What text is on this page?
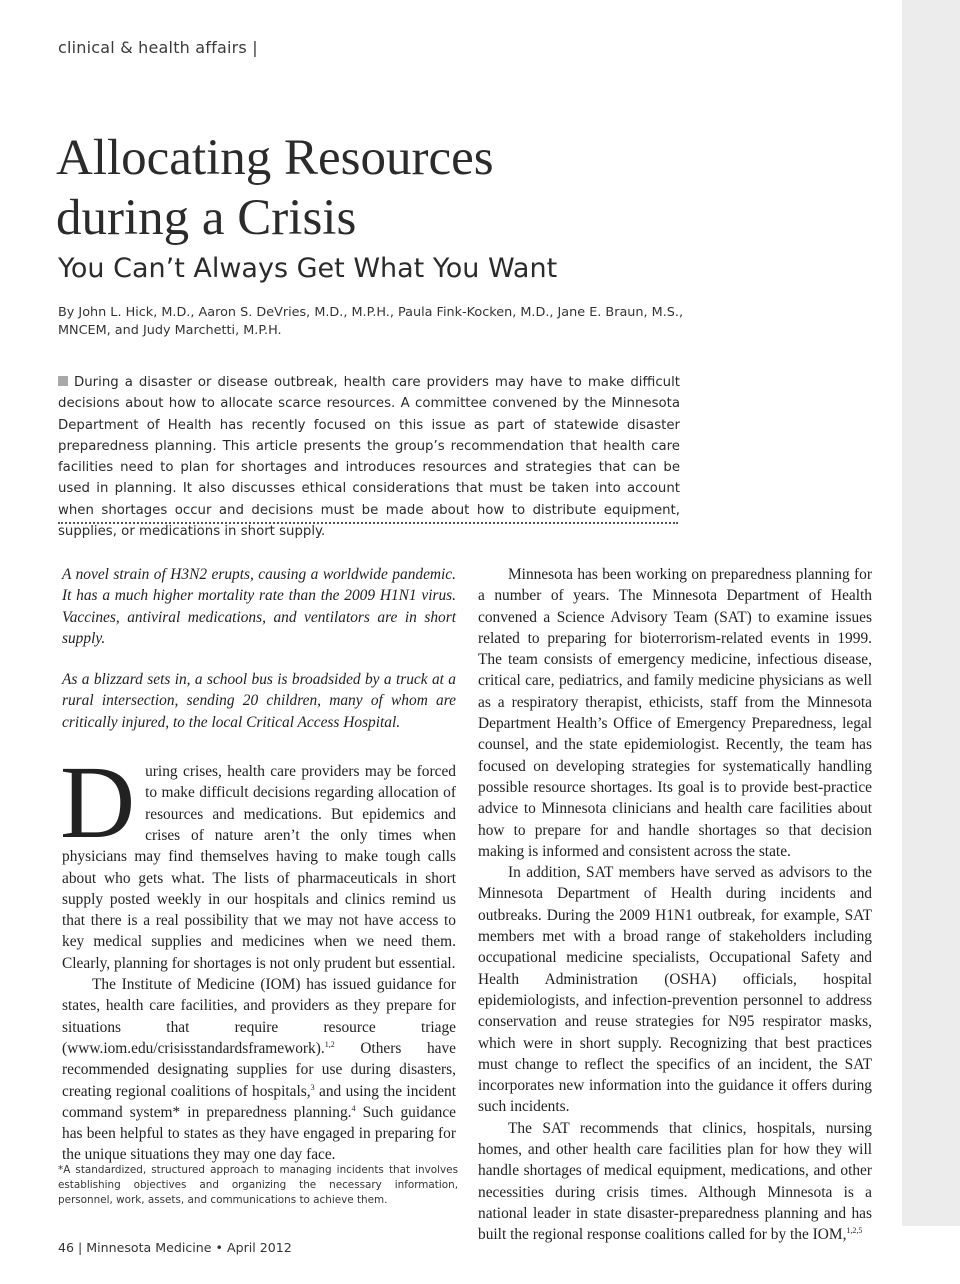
clinical & health affairs |
Allocating Resources
during a Crisis
You Can’t Always Get What You Want
By John L. Hick, M.D., Aaron S. DeVries, M.D., M.P.H., Paula Fink-Kocken, M.D., Jane E. Braun, M.S., MNCEM, and Judy Marchetti, M.P.H.
During a disaster or disease outbreak, health care providers may have to make difficult decisions about how to allocate scarce resources. A committee convened by the Minnesota Department of Health has recently focused on this issue as part of statewide disaster preparedness planning. This article presents the group’s recommendation that health care facilities need to plan for shortages and introduces resources and strategies that can be used in planning. It also discusses ethical considerations that must be taken into account when shortages occur and decisions must be made about how to distribute equipment, supplies, or medications in short supply.

A novel strain of H3N2 erupts, causing a worldwide pandemic. It has a much higher mortality rate than the 2009 H1N1 virus. Vaccines, antiviral medications, and ventilators are in short supply.

As a blizzard sets in, a school bus is broadsided by a truck at a rural intersection, sending 20 children, many of whom are critically injured, to the local Critical Access Hospital.

During crises, health care providers may be forced to make difficult decisions regarding allocation of resources and medications. But epidemics and crises of nature aren’t the only times when physicians may find themselves having to make tough calls about who gets what. The lists of pharmaceuticals in short supply posted weekly in our hospitals and clinics remind us that there is a real possibility that we may not have access to key medical supplies and medicines when we need them. Clearly, planning for shortages is not only prudent but essential.

The Institute of Medicine (IOM) has issued guidance for states, health care facilities, and providers as they prepare for situations that require resource triage (www.iom.edu/crisisstandardsframework).$^{1,2}$ Others have recommended designating supplies for use during disasters, creating regional coalitions of hospitals,$^3$ and using the incident command system* in preparedness planning.$^4$ Such guidance has been helpful to states as they have engaged in preparing for the unique situations they may one day face.

*A standardized, structured approach to managing incidents that involves establishing objectives and organizing the necessary information, personnel, work, assets, and communications to achieve them.

Minnesota has been working on preparedness planning for a number of years. The Minnesota Department of Health convened a Science Advisory Team (SAT) to examine issues related to preparing for bioterrorism-related events in 1999. The team consists of emergency medicine, infectious disease, critical care, pediatrics, and family medicine physicians as well as a respiratory therapist, ethicists, staff from the Minnesota Department Health’s Office of Emergency Preparedness, legal counsel, and the state epidemiologist. Recently, the team has focused on developing strategies for systematically handling possible resource shortages. Its goal is to provide best-practice advice to Minnesota clinicians and health care facilities about how to prepare for and handle shortages so that decision making is informed and consistent across the state.

In addition, SAT members have served as advisors to the Minnesota Department of Health during incidents and outbreaks. During the 2009 H1N1 outbreak, for example, SAT members met with a broad range of stakeholders including occupational medicine specialists, Occupational Safety and Health Administration (OSHA) officials, hospital epidemiologists, and infection-prevention personnel to address conservation and reuse strategies for N95 respirator masks, which were in short supply. Recognizing that best practices must change to reflect the specifics of an incident, the SAT incorporates new information into the guidance it offers during such incidents.

The SAT recommends that clinics, hospitals, nursing homes, and other health care facilities plan for how they will handle shortages of medical equipment, medications, and other necessities during crisis times. Although Minnesota is a national leader in state disaster-preparedness planning and has built the regional response coalitions called for by the IOM,$^{1,2,5}$

46 | Minnesota Medicine • April 2012
